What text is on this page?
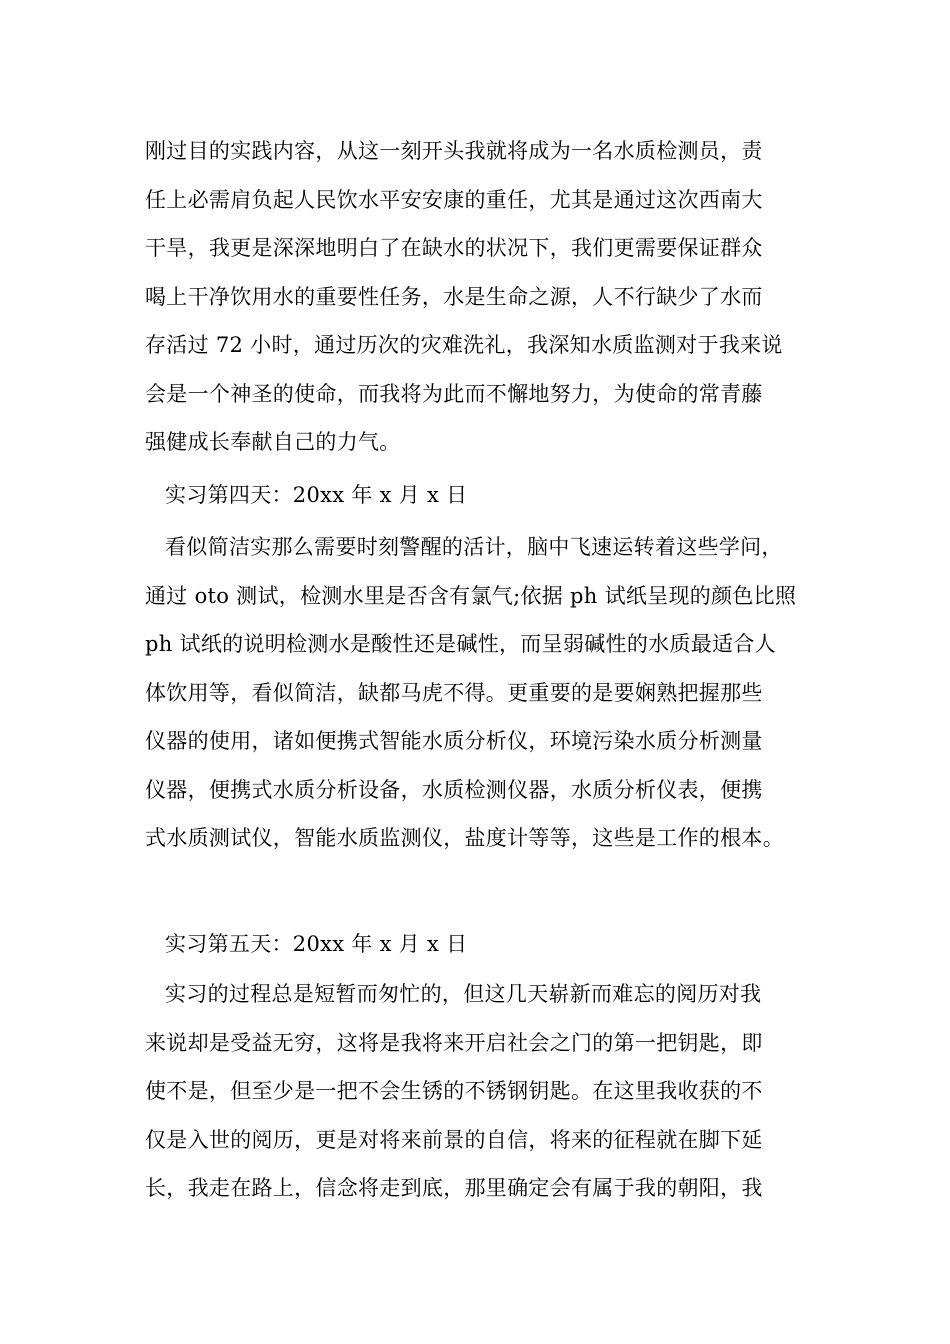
刚过目的实践内容，从这一刻开头我就将成为一名水质检测员，责
任上必需肩负起人民饮水平安安康的重任，尤其是通过这次西南大
干旱，我更是深深地明白了在缺水的状况下，我们更需要保证群众
喝上干净饮用水的重要性任务，水是生命之源，人不行缺少了水而
存活过 72 小时，通过历次的灾难洗礼，我深知水质监测对于我来说
会是一个神圣的使命，而我将为此而不懈地努力，为使命的常青藤
强健成长奉献自己的力气。
实习第四天：20xx 年 x 月 x 日
看似简洁实那么需要时刻警醒的活计，脑中飞速运转着这些学问，
通过 oto 测试，检测水里是否含有氯气;依据 ph 试纸呈现的颜色比照
ph 试纸的说明检测水是酸性还是碱性，而呈弱碱性的水质最适合人
体饮用等，看似简洁，缺都马虎不得。更重要的是要娴熟把握那些
仪器的使用，诸如便携式智能水质分析仪，环境污染水质分析测量
仪器，便携式水质分析设备，水质检测仪器，水质分析仪表，便携
式水质测试仪，智能水质监测仪，盐度计等等，这些是工作的根本。
实习第五天：20xx 年 x 月 x 日
实习的过程总是短暂而匆忙的，但这几天崭新而难忘的阅历对我
来说却是受益无穷，这将是我将来开启社会之门的第一把钥匙，即
使不是，但至少是一把不会生锈的不锈钢钥匙。在这里我收获的不
仅是入世的阅历，更是对将来前景的自信，将来的征程就在脚下延
长，我走在路上，信念将走到底，那里确定会有属于我的朝阳，我
